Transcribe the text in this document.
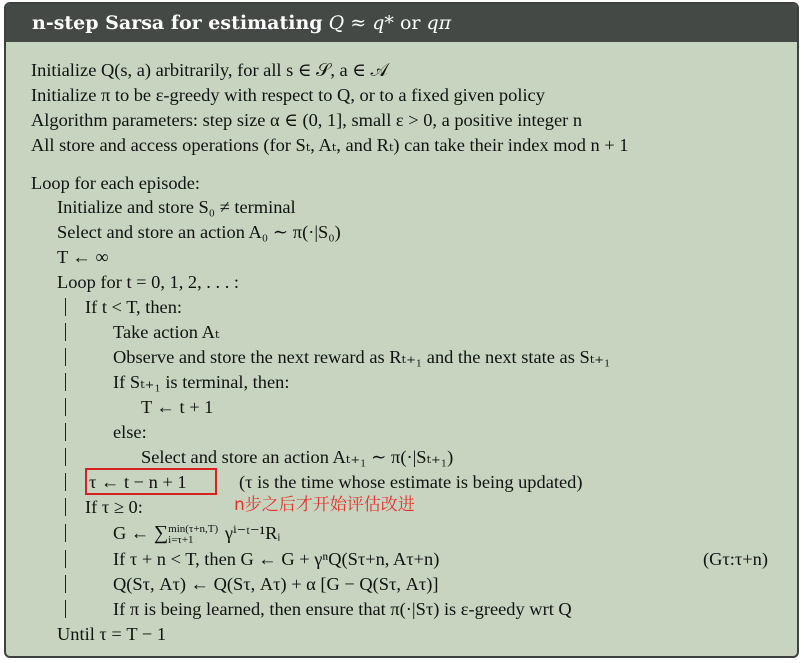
n-step Sarsa for estimating Q ≈ q* or qπ
Initialize Q(s, a) arbitrarily, for all s ∈ 𝒮, a ∈ 𝒜
Initialize π to be ε-greedy with respect to Q, or to a fixed given policy
Algorithm parameters: step size α ∈ (0, 1], small ε > 0, a positive integer n
All store and access operations (for Sₜ, Aₜ, and Rₜ) can take their index mod n + 1
Loop for each episode:
Initialize and store S₀ ≠ terminal
Select and store an action A₀ ∼ π(·|S₀)
T ← ∞
Loop for t = 0, 1, 2, . . . :
If t < T, then:
Take action Aₜ
Observe and store the next reward as Rₜ₊₁ and the next state as Sₜ₊₁
If Sₜ₊₁ is terminal, then:
T ← t + 1
else:
Select and store an action Aₜ₊₁ ∼ π(·|Sₜ₊₁)
τ ← t − n + 1	(τ is the time whose estimate is being updated)
If τ ≥ 0:
G ← ∑ min(τ+n,T)
i=τ+1	γⁱ⁻ᵗ⁻¹Rᵢ
If τ + n < T, then G ← G + γⁿQ(Sτ+n, Aτ+n)	(Gτ:τ+n)
Q(Sτ, Aτ) ← Q(Sτ, Aτ) + α [G − Q(Sτ, Aτ)]
If π is being learned, then ensure that π(·|Sτ) is ε-greedy wrt Q
Until τ = T − 1
n步之后才开始评估改进
